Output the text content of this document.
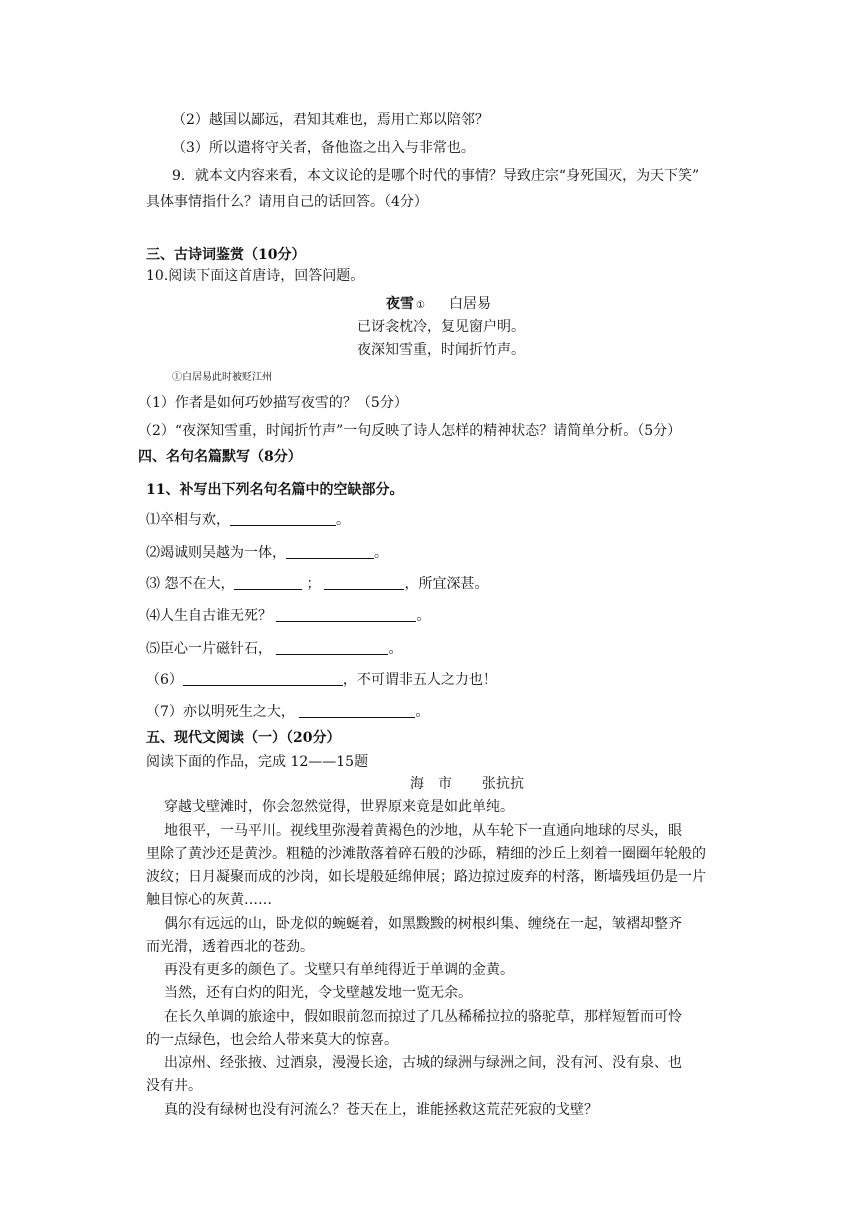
（2）越国以鄙远，君知其难也，焉用亡郑以陪邻？
（3）所以遣将守关者，备他盗之出入与非常也。
9．就本文内容来看，本文议论的是哪个时代的事情？导致庄宗“身死国灭，为天下笑”
具体事情指什么？请用自己的话回答。（4分）
三、古诗词鉴赏（10分）
10.阅读下面这首唐诗，回答问题。
夜雪 ① 白居易
已讶衾枕冷，复见窗户明。
夜深知雪重，时闻折竹声。
①白居易此时被贬江州
（1）作者是如何巧妙描写夜雪的？（5分）
（2）“夜深知雪重，时闻折竹声”一句反映了诗人怎样的精神状态？请简单分析。（5分）
四、名句名篇默写（8分）
11、补写出下列名句名篇中的空缺部分。
⑴卒相与欢，	。
⑵竭诚则吴越为一体，	。
⑶ 怨不在大，	；	，所宜深甚。
⑷人生自古谁无死？	。
⑸臣心一片磁针石，	。
（6）	，不可谓非五人之力也！
（7）亦以明死生之大，	。
五、现代文阅读（一）（20分）
阅读下面的作品，完成 12——15题
海　市 张抗抗
穿越戈壁滩时，你会忽然觉得，世界原来竟是如此单纯。
地很平，一马平川。视线里弥漫着黄褐色的沙地，从车轮下一直通向地球的尽头，眼
里除了黄沙还是黄沙。粗糙的沙滩散落着碎石般的沙砾，精细的沙丘上刻着一圈圈年轮般的
波纹；日月凝聚而成的沙岗，如长堤般延绵伸展；路边掠过废弃的村落，断墙残垣仍是一片
触目惊心的灰黄……
偶尔有远远的山，卧龙似的蜿蜒着，如黑黢黢的树根纠集、缠绕在一起，皱褶却整齐
而光滑，透着西北的苍劲。
再没有更多的颜色了。戈壁只有单纯得近于单调的金黄。
当然，还有白灼的阳光，令戈壁越发地一览无余。
在长久单调的旅途中，假如眼前忽而掠过了几丛稀稀拉拉的骆驼草，那样短暂而可怜
的一点绿色，也会给人带来莫大的惊喜。
出凉州、经张掖、过酒泉，漫漫长途，古城的绿洲与绿洲之间，没有河、没有泉、也
没有井。
真的没有绿树也没有河流么？苍天在上，谁能拯救这荒茫死寂的戈壁？
